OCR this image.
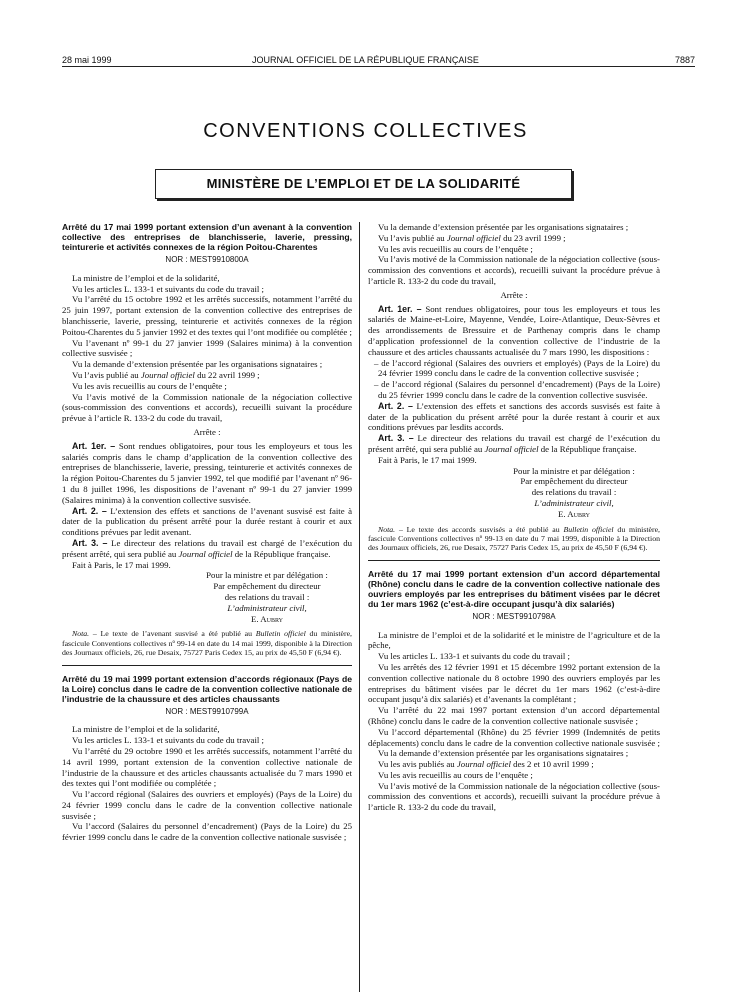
28 mai 1999	JOURNAL OFFICIEL DE LA RÉPUBLIQUE FRANÇAISE	7887
CONVENTIONS COLLECTIVES
MINISTÈRE DE L’EMPLOI ET DE LA SOLIDARITÉ
Arrêté du 17 mai 1999 portant extension d’un avenant à la convention collective des entreprises de blanchisserie, laverie, pressing, teinturerie et activités connexes de la région Poitou-Charentes
NOR : MEST9910800A

La ministre de l’emploi et de la solidarité,

Vu les articles L. 133-1 et suivants du code du travail ;

Vu l’arrêté du 15 octobre 1992 et les arrêtés successifs, notamment l’arrêté du 25 juin 1997, portant extension de la convention collective des entreprises de blanchisserie, laverie, pressing, teinturerie et activités connexes de la région Poitou-Charentes du 5 janvier 1992 et des textes qui l’ont modifiée ou complétée ;

Vu l’avenant nº 99-1 du 27 janvier 1999 (Salaires minima) à la convention collective susvisée ;

Vu la demande d’extension présentée par les organisations signataires ;

Vu l’avis publié au Journal officiel du 22 avril 1999 ;

Vu les avis recueillis au cours de l’enquête ;

Vu l’avis motivé de la Commission nationale de la négociation collective (sous-commission des conventions et accords), recueilli suivant la procédure prévue à l’article R. 133-2 du code du travail,

Arrête :

Art. 1er. – Sont rendues obligatoires, pour tous les employeurs et tous les salariés compris dans le champ d’application de la convention collective des entreprises de blanchisserie, laverie, pressing, teinturerie et activités connexes de la région Poitou-Charentes du 5 janvier 1992, tel que modifié par l’avenant nº 96-1 du 8 juillet 1996, les dispositions de l’avenant nº 99-1 du 27 janvier 1999 (Salaires minima) à la convention collective susvisée.

Art. 2. – L’extension des effets et sanctions de l’avenant susvisé est faite à dater de la publication du présent arrêté pour la durée restant à courir et aux conditions prévues par ledit avenant.

Art. 3. – Le directeur des relations du travail est chargé de l’exécution du présent arrêté, qui sera publié au Journal officiel de la République française.

Fait à Paris, le 17 mai 1999.

Pour la ministre et par délégation :
Par empêchement du directeur
des relations du travail :
L’administrateur civil,
E. Aubry

Nota. – Le texte de l’avenant susvisé a été publié au Bulletin officiel du ministère, fascicule Conventions collectives nº 99-14 en date du 14 mai 1999, disponible à la Direction des Journaux officiels, 26, rue Desaix, 75727 Paris Cedex 15, au prix de 45,50 F (6,94 €).

Arrêté du 19 mai 1999 portant extension d’accords régionaux (Pays de la Loire) conclus dans le cadre de la convention collective nationale de l’industrie de la chaussure et des articles chaussants
NOR : MEST9910799A

La ministre de l’emploi et de la solidarité,

Vu les articles L. 133-1 et suivants du code du travail ;

Vu l’arrêté du 29 octobre 1990 et les arrêtés successifs, notamment l’arrêté du 14 avril 1999, portant extension de la convention collective nationale de l’industrie de la chaussure et des articles chaussants actualisée du 7 mars 1990 et des textes qui l’ont modifiée ou complétée ;

Vu l’accord régional (Salaires des ouvriers et employés) (Pays de la Loire) du 24 février 1999 conclu dans le cadre de la convention collective nationale susvisée ;

Vu l’accord (Salaires du personnel d’encadrement) (Pays de la Loire) du 25 février 1999 conclu dans le cadre de la convention collective nationale susvisée ;

Vu la demande d’extension présentée par les organisations signataires ;

Vu l’avis publié au Journal officiel du 23 avril 1999 ;

Vu les avis recueillis au cours de l’enquête ;

Vu l’avis motivé de la Commission nationale de la négociation collective (sous-commission des conventions et accords), recueilli suivant la procédure prévue à l’article R. 133-2 du code du travail,

Arrête :

Art. 1er. – Sont rendues obligatoires, pour tous les employeurs et tous les salariés de Maine-et-Loire, Mayenne, Vendée, Loire-Atlantique, Deux-Sèvres et des arrondissements de Bressuire et de Parthenay compris dans le champ d’application professionnel de la convention collective de l’industrie de la chaussure et des articles chaussants actualisée du 7 mars 1990, les dispositions :

– de l’accord régional (Salaires des ouvriers et employés) (Pays de la Loire) du 24 février 1999 conclu dans le cadre de la convention collective susvisée ;

– de l’accord régional (Salaires du personnel d’encadrement) (Pays de la Loire) du 25 février 1999 conclu dans le cadre de la convention collective susvisée.

Art. 2. – L’extension des effets et sanctions des accords susvisés est faite à dater de la publication du présent arrêté pour la durée restant à courir et aux conditions prévues par lesdits accords.

Art. 3. – Le directeur des relations du travail est chargé de l’exécution du présent arrêté, qui sera publié au Journal officiel de la République française.

Fait à Paris, le 17 mai 1999.

Pour la ministre et par délégation :
Par empêchement du directeur
des relations du travail :
L’administrateur civil,
E. Aubry

Nota. – Le texte des accords susvisés a été publié au Bulletin officiel du ministère, fascicule Conventions collectives nº 99-13 en date du 7 mai 1999, disponible à la Direction des Journaux officiels, 26, rue Desaix, 75727 Paris Cedex 15, au prix de 45,50 F (6,94 €).

Arrêté du 17 mai 1999 portant extension d’un accord départemental (Rhône) conclu dans le cadre de la convention collective nationale des ouvriers employés par les entreprises du bâtiment visées par le décret du 1er mars 1962 (c’est-à-dire occupant jusqu’à dix salariés)
NOR : MEST9910798A

La ministre de l’emploi et de la solidarité et le ministre de l’agriculture et de la pêche,

Vu les articles L. 133-1 et suivants du code du travail ;

Vu les arrêtés des 12 février 1991 et 15 décembre 1992 portant extension de la convention collective nationale du 8 octobre 1990 des ouvriers employés par les entreprises du bâtiment visées par le décret du 1er mars 1962 (c’est-à-dire occupant jusqu’à dix salariés) et d’avenants la complétant ;

Vu l’arrêté du 22 mai 1997 portant extension d’un accord départemental (Rhône) conclu dans le cadre de la convention collective nationale susvisée ;

Vu l’accord départemental (Rhône) du 25 février 1999 (Indemnités de petits déplacements) conclu dans le cadre de la convention collective nationale susvisée ;

Vu la demande d’extension présentée par les organisations signataires ;

Vu les avis publiés au Journal officiel des 2 et 10 avril 1999 ;

Vu les avis recueillis au cours de l’enquête ;

Vu l’avis motivé de la Commission nationale de la négociation collective (sous-commission des conventions et accords), recueilli suivant la procédure prévue à l’article R. 133-2 du code du travail,
